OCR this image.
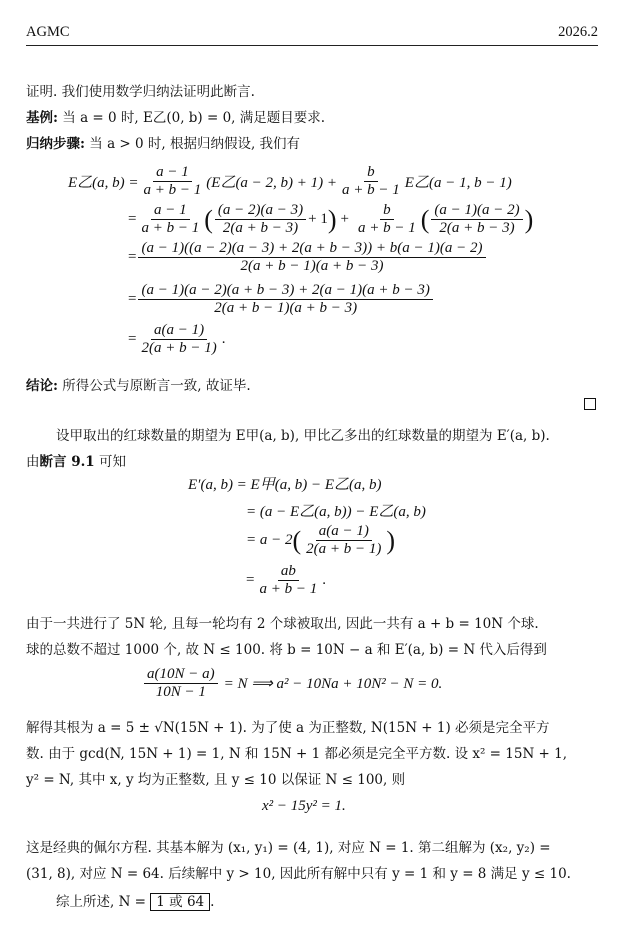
AGMC	2026.2
证明. 我们使用数学归纳法证明此断言.
基例: 当 a = 0 时, E乙(0, b) = 0, 满足题目要求.
归纳步骤: 当 a > 0 时, 根据归纳假设, 我们有
E乙(a, $b) = \frac{a - 1}{a + b - 1} (E$乙(a − 2, $b) + 1) + \frac{b}{a + b - 1}$ E乙(a − 1, b − 1)
= $\frac{a - 1}{a + b - 1}$ ( $\frac{(a - 2)(a - 3)}{2(a + b - 3)} + 1$ ) + $\frac{b}{a + b - 1}$ ( $\frac{(a - 1)(a - 2)}{2(a + b - 3)}$ )
= $\frac{(a - 1)((a - 2)(a - 3) + 2(a + b - 3)) + b(a - 1)(a - 2)}{2(a + b - 1)(a + b - 3)}$
= $\frac{(a - 1)(a - 2)(a + b - 3) + 2(a - 1)(a + b - 3)}{2(a + b - 1)(a + b - 3)}$
= $\frac{a(a - 1)}{2(a + b - 1)}$ .
结论: 所得公式与原断言一致, 故证毕.
设甲取出的红球数量的期望为 E甲(a, b), 甲比乙多出的红球数量的期望为 E′(a, b).
由断言 9.1 可知
E′(a, b) = E甲(a, b) − E乙(a, b)
= (a − E乙(a, b)) − E乙(a, b)
= a − 2 ( $\frac{a(a - 1)}{2(a + b - 1)}$ )
= $\frac{ab}{a + b - 1}$ .
由于一共进行了 5N 轮, 且每一轮均有 2 个球被取出, 因此一共有 a + b = 10N 个球.
球的总数不超过 1000 个, 故 N ≤ 100. 将 b = 10N − a 和 E′(a, b) = N 代入后得到
$\frac{a(10N - a)}{10N - 1} = N$ ⟹ a² − 10Na + 10N² − N = 0.
解得其根为 a = 5 ± √N(15N + 1). 为了使 a 为正整数, N(15N + 1) 必须是完全平方
数. 由于 gcd(N, 15N + 1) = 1, N 和 15N + 1 都必须是完全平方数. 设 x² = 15N + 1,
y² = N, 其中 x, y 均为正整数, 且 y ≤ 10 以保证 N ≤ 100, 则
x² − 15y² = 1.
这是经典的佩尔方程. 其基本解为 (x₁, y₁) = (4, 1), 对应 N = 1. 第二组解为 (x₂, y₂) =
(31, 8), 对应 N = 64. 后续解中 y > 10, 因此所有解中只有 y = 1 和 y = 8 满足 y ≤ 10.
综上所述, N = 1 或 64 .
